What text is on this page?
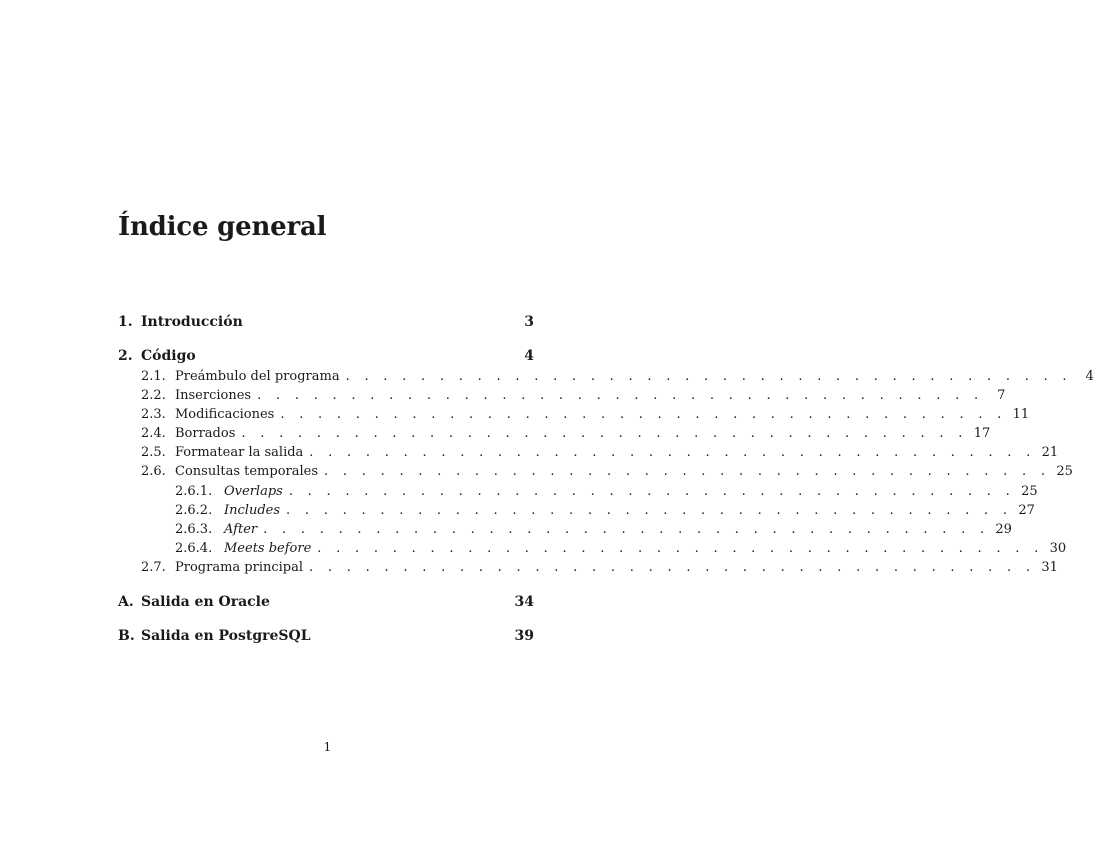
Índice general
1. Introducción	3
2. Código	4
2.1. Preámbulo del programa . . . . . . . . . . . . . . . . . . . . . . . . . . . . . . . . . . . . . . .	4
2.2. Inserciones . . . . . . . . . . . . . . . . . . . . . . . . . . . . . . . . . . . . . . .	7
2.3. Modificaciones . . . . . . . . . . . . . . . . . . . . . . . . . . . . . . . . . . . . . . . 11
2.4. Borrados . . . . . . . . . . . . . . . . . . . . . . . . . . . . . . . . . . . . . . . 17
2.5. Formatear la salida . . . . . . . . . . . . . . . . . . . . . . . . . . . . . . . . . . . . . . . 21
2.6. Consultas temporales . . . . . . . . . . . . . . . . . . . . . . . . . . . . . . . . . . . . . . . 25
2.6.1. Overlaps . . . . . . . . . . . . . . . . . . . . . . . . . . . . . . . . . . . . . . . 25
2.6.2. Includes . . . . . . . . . . . . . . . . . . . . . . . . . . . . . . . . . . . . . . . 27
2.6.3. After . . . . . . . . . . . . . . . . . . . . . . . . . . . . . . . . . . . . . . . 29
2.6.4. Meets before . . . . . . . . . . . . . . . . . . . . . . . . . . . . . . . . . . . . . . . 30
2.7. Programa principal . . . . . . . . . . . . . . . . . . . . . . . . . . . . . . . . . . . . . . . 31
A. Salida en Oracle	34
B. Salida en PostgreSQL	39
1
